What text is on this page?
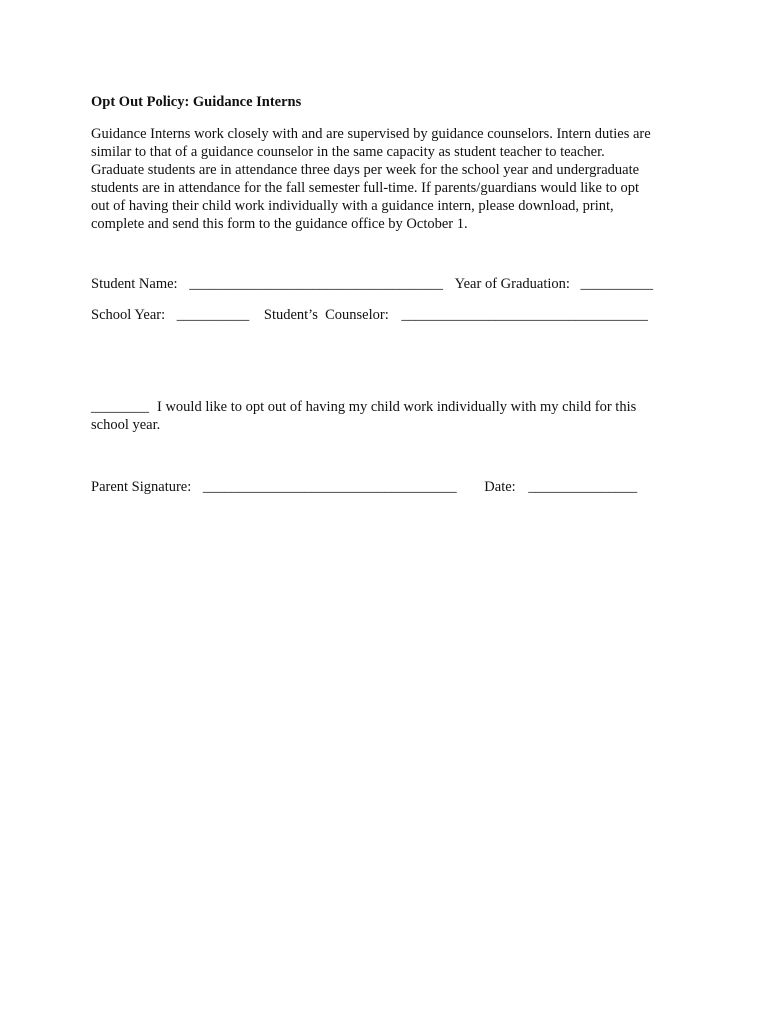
Opt Out Policy: Guidance Interns
Guidance Interns work closely with and are supervised by guidance counselors. Intern duties are
similar to that of a guidance counselor in the same capacity as student teacher to teacher.
Graduate students are in attendance three days per week for the school year and undergraduate
students are in attendance for the fall semester full-time. If parents/guardians would like to opt
out of having their child work individually with a guidance intern, please download, print,
complete and send this form to the guidance office by October 1.
Student Name: ___________________________________ Year of Graduation: __________
School Year: __________ Student’s  Counselor: __________________________________
________ I would like to opt out of having my child work individually with my child for this
school year.
Parent Signature: ___________________________________ Date: _______________
